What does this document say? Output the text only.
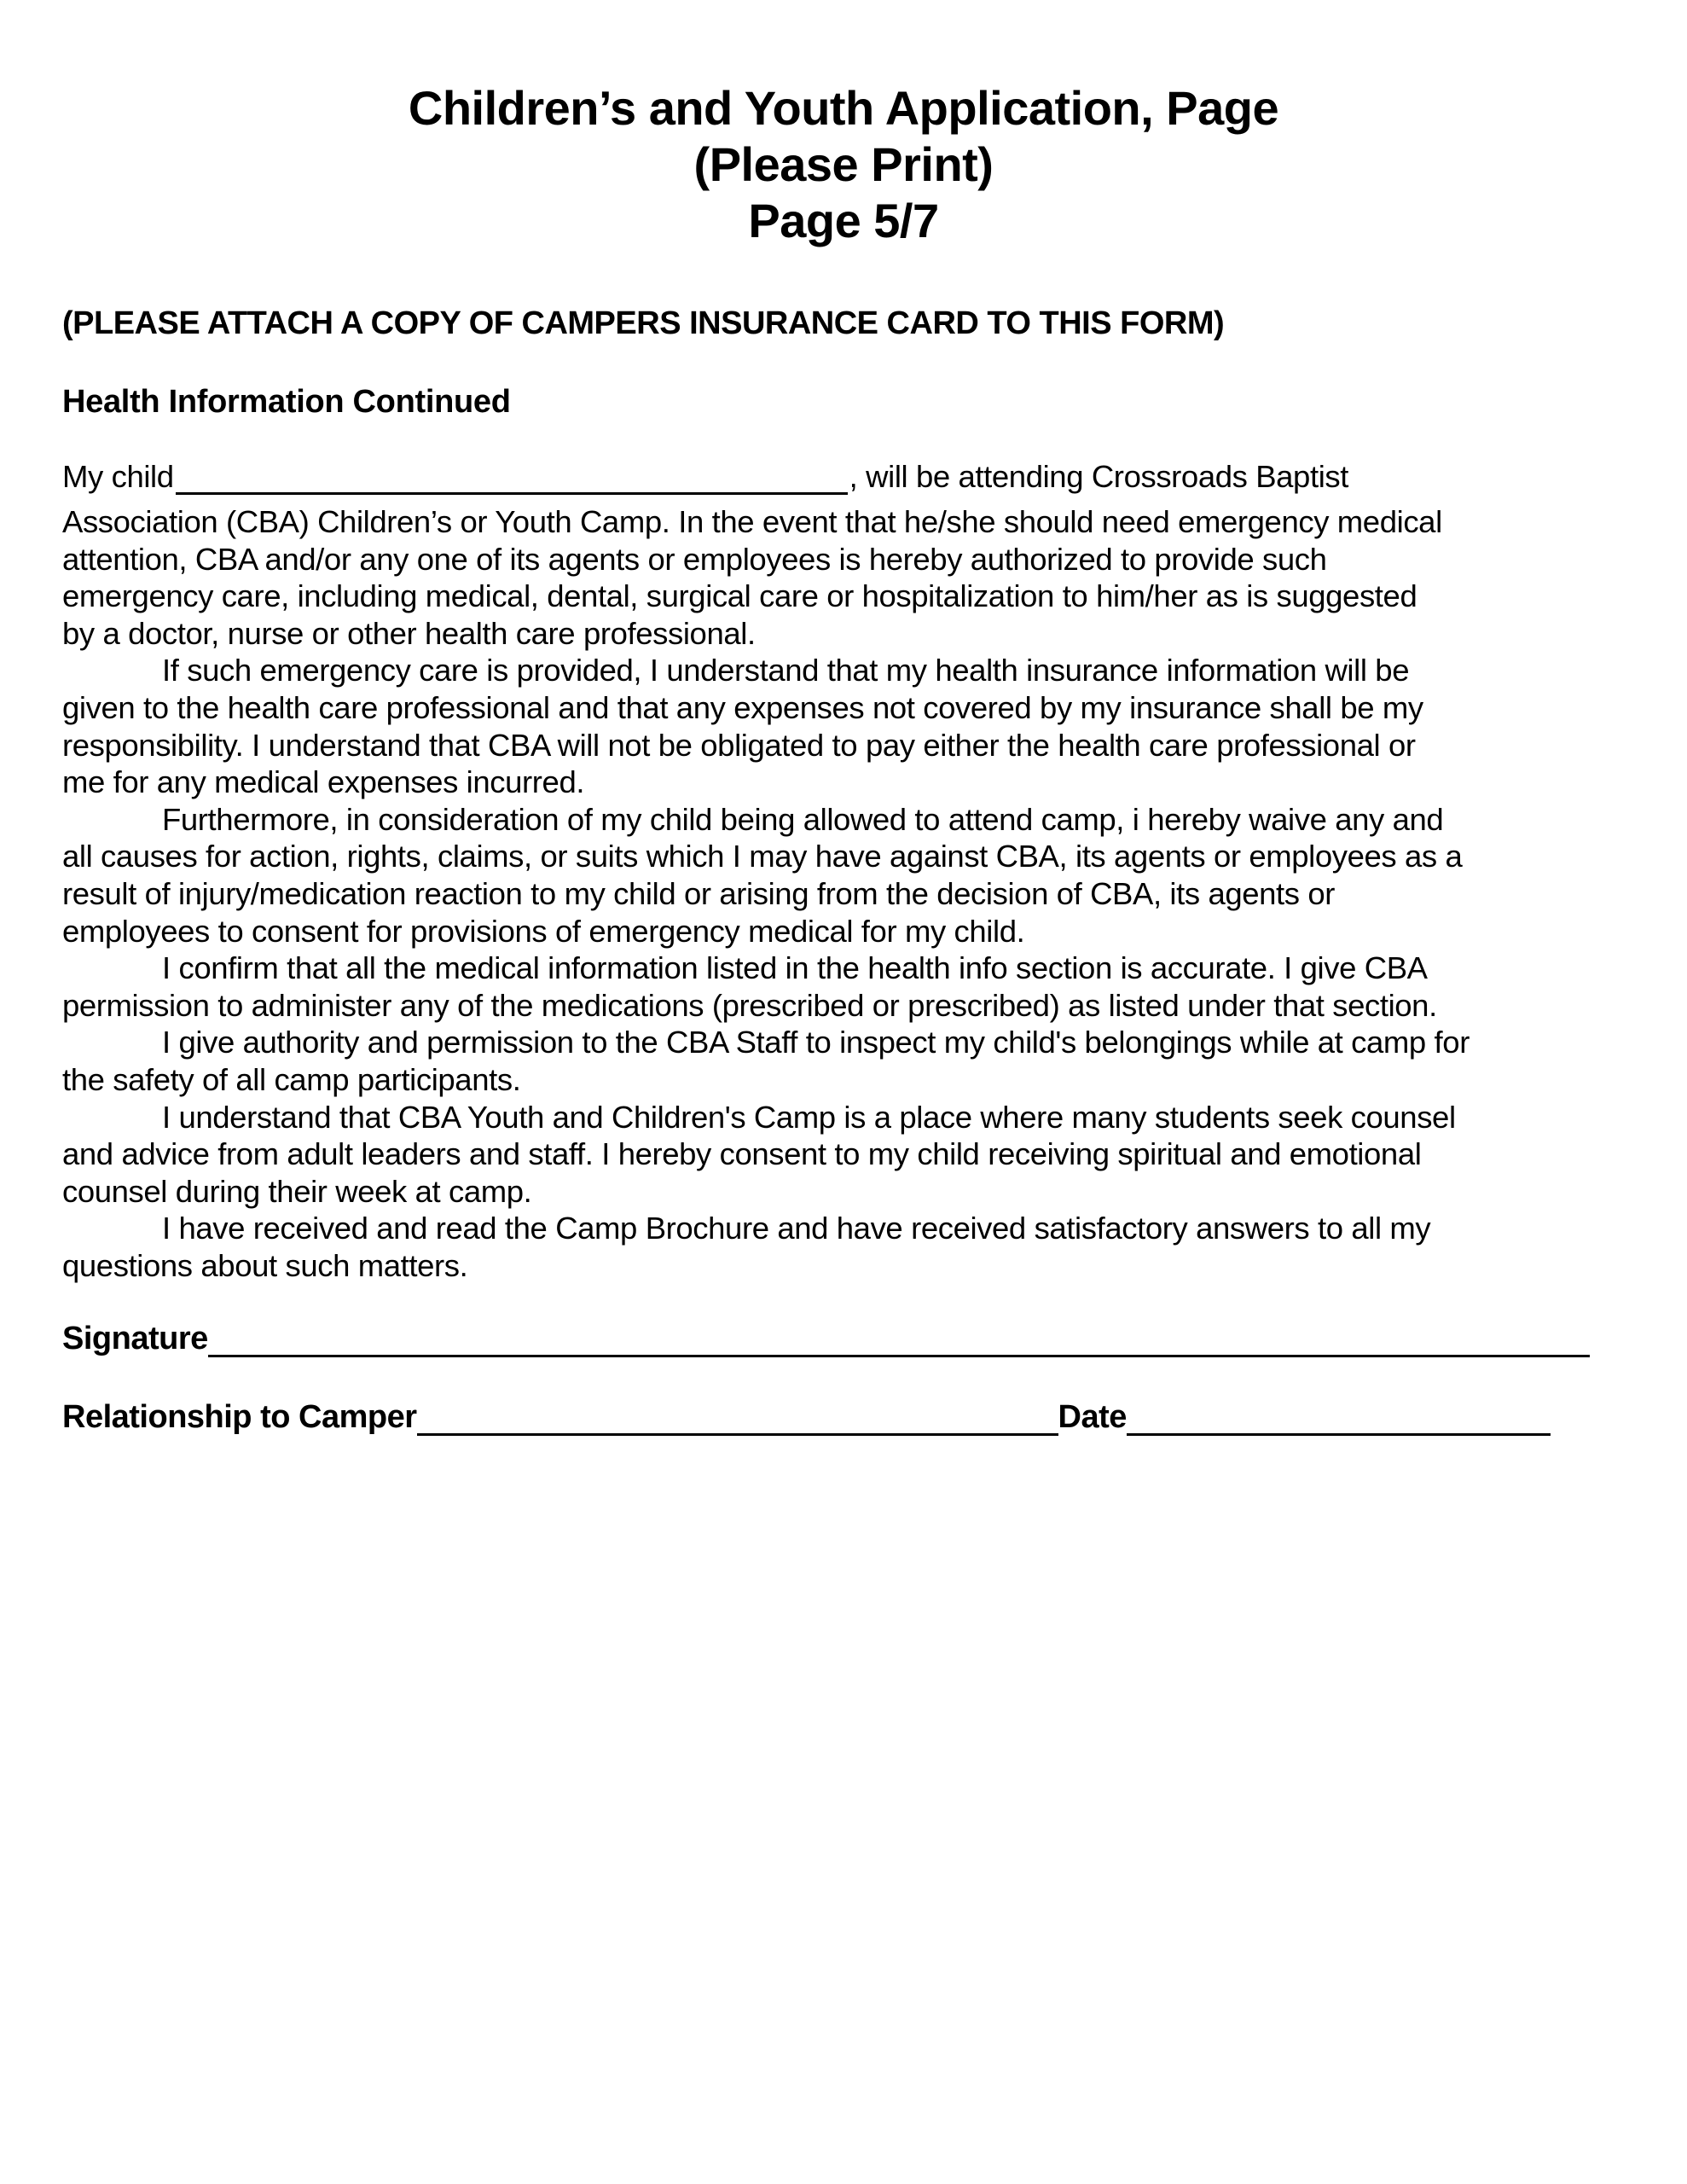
Children’s and Youth Application, Page
(Please Print)
Page 5/7
(PLEASE ATTACH A COPY OF CAMPERS INSURANCE CARD TO THIS FORM)
Health Information Continued
My child	, will be attending Crossroads Baptist
Association (CBA) Children’s or Youth Camp. In the event that he/she should need emergency medical
attention, CBA and/or any one of its agents or employees is hereby authorized to provide such
emergency care, including medical, dental, surgical care or hospitalization to him/her as is suggested
by a doctor, nurse or other health care professional.
If such emergency care is provided, I understand that my health insurance information will be
given to the health care professional and that any expenses not covered by my insurance shall be my
responsibility. I understand that CBA will not be obligated to pay either the health care professional or
me for any medical expenses incurred.
Furthermore, in consideration of my child being allowed to attend camp, i hereby waive any and
all causes for action, rights, claims, or suits which I may have against CBA, its agents or employees as a
result of injury/medication reaction to my child or arising from the decision of CBA, its agents or
employees to consent for provisions of emergency medical for my child.
I confirm that all the medical information listed in the health info section is accurate. I give CBA
permission to administer any of the medications (prescribed or prescribed) as listed under that section.
I give authority and permission to the CBA Staff to inspect my child's belongings while at camp for
the safety of all camp participants.
I understand that CBA Youth and Children's Camp is a place where many students seek counsel
and advice from adult leaders and staff. I hereby consent to my child receiving spiritual and emotional
counsel during their week at camp.
I have received and read the Camp Brochure and have received satisfactory answers to all my
questions about such matters.
Signature
Relationship to Camper	Date
